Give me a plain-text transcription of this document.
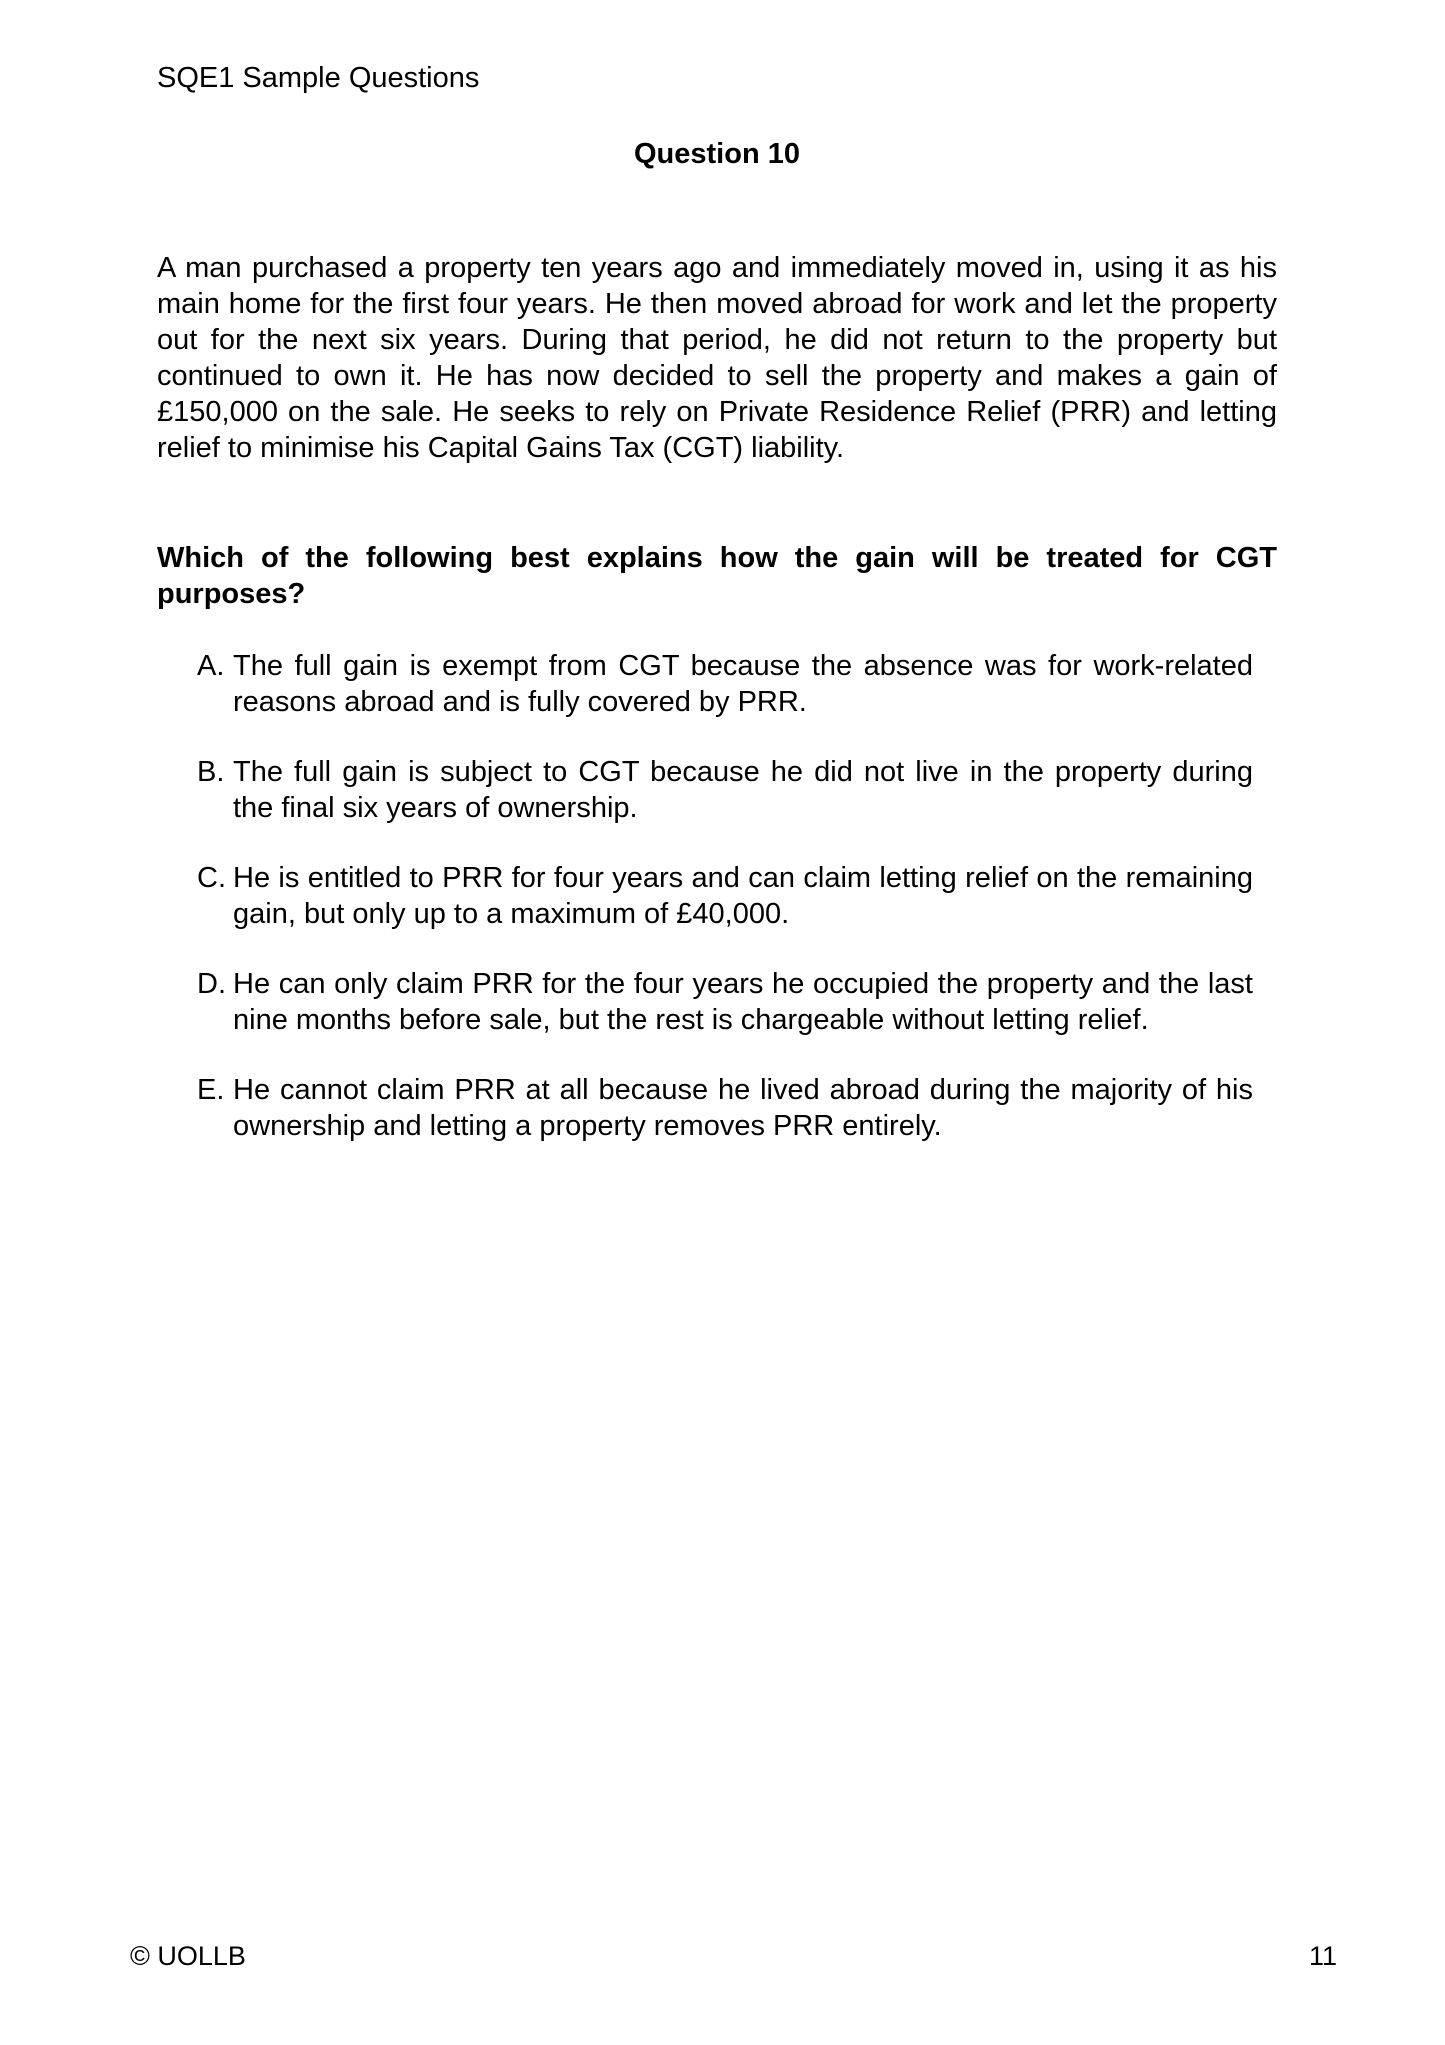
SQE1 Sample Questions
Question 10

A man purchased a property ten years ago and immediately moved in, using it as his main home for the first four years. He then moved abroad for work and let the property out for the next six years. During that period, he did not return to the property but continued to own it. He has now decided to sell the property and makes a gain of £150,000 on the sale. He seeks to rely on Private Residence Relief (PRR) and letting relief to minimise his Capital Gains Tax (CGT) liability.

Which of the following best explains how the gain will be treated for CGT purposes?

A. The full gain is exempt from CGT because the absence was for work-related reasons abroad and is fully covered by PRR.
B. The full gain is subject to CGT because he did not live in the property during the final six years of ownership.
C. He is entitled to PRR for four years and can claim letting relief on the remaining gain, but only up to a maximum of £40,000.
D. He can only claim PRR for the four years he occupied the property and the last nine months before sale, but the rest is chargeable without letting relief.
E. He cannot claim PRR at all because he lived abroad during the majority of his ownership and letting a property removes PRR entirely.
© UOLLB	11
